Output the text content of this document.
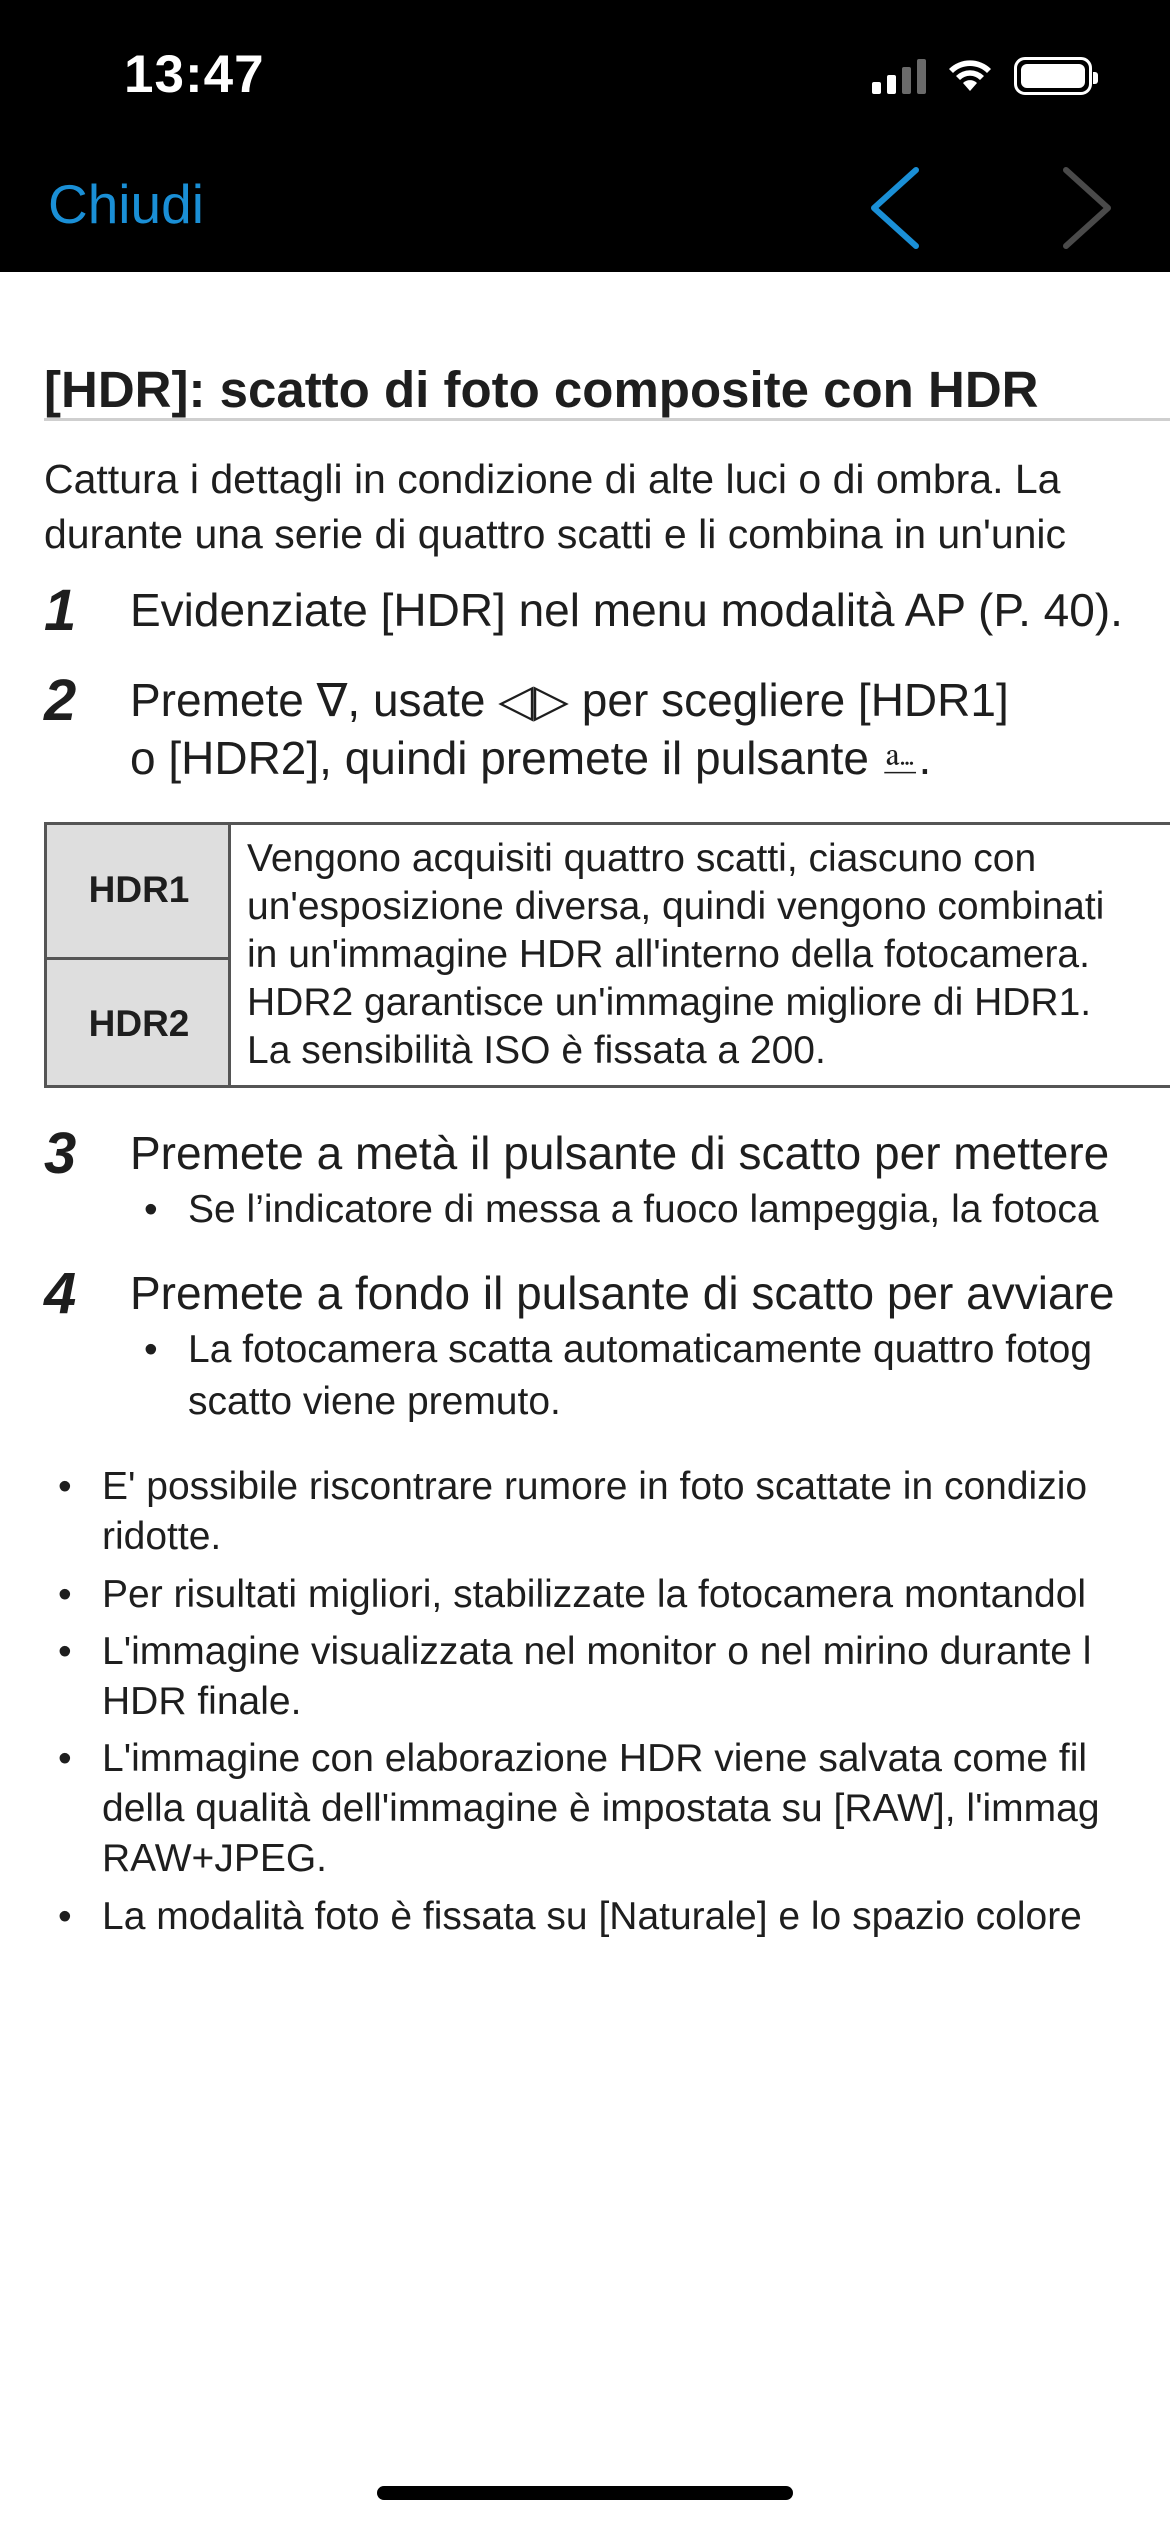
13:47
Chiudi
[HDR]: scatto di foto composite con HDR
Cattura i dettagli in condizione di alte luci o di ombra. La
durante una serie di quattro scatti e li combina in un'unic
1 Evidenziate [HDR] nel menu modalità AP (P. 40).
2 Premete ∇, usate ◁▷ per scegliere [HDR1]
o [HDR2], quindi premete il pulsante ⎁.
HDR1
HDR2
Vengono acquisiti quattro scatti, ciascuno con
un'esposizione diversa, quindi vengono combinati
in un'immagine HDR all'interno della fotocamera.
HDR2 garantisce un'immagine migliore di HDR1.
La sensibilità ISO è fissata a 200.
3 Premete a metà il pulsante di scatto per mettere
• Se l’indicatore di messa a fuoco lampeggia, la fotoca
4 Premete a fondo il pulsante di scatto per avviare
• La fotocamera scatta automaticamente quattro fotog
scatto viene premuto.
• E' possibile riscontrare rumore in foto scattate in condizio
ridotte.
• Per risultati migliori, stabilizzate la fotocamera montandol
• L'immagine visualizzata nel monitor o nel mirino durante l
HDR finale.
• L'immagine con elaborazione HDR viene salvata come fil
della qualità dell'immagine è impostata su [RAW], l'immag
RAW+JPEG.
• La modalità foto è fissata su [Naturale] e lo spazio colore
